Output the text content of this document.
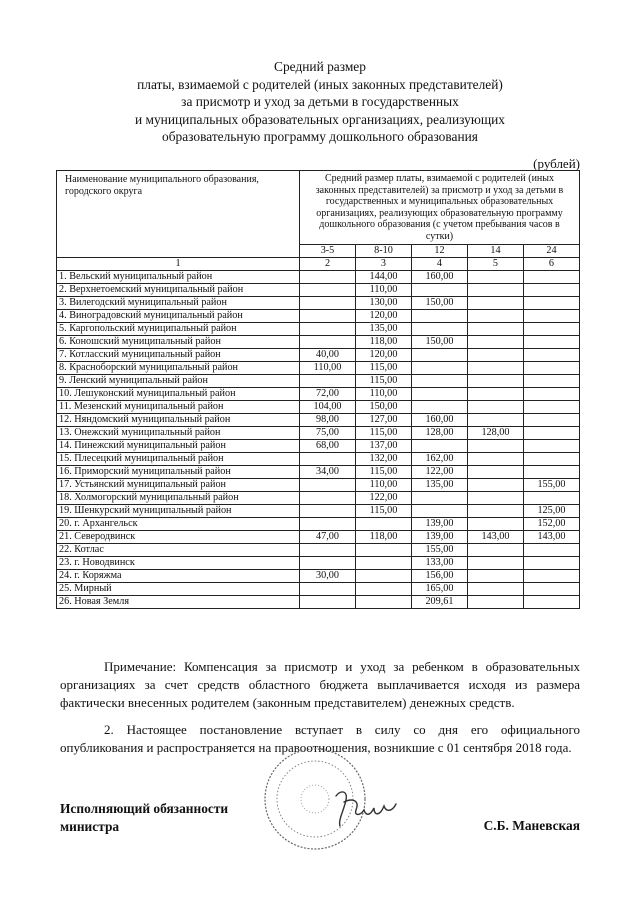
Средний размер
платы, взимаемой с родителей (иных законных представителей)
за присмотр и уход за детьми в государственных
и муниципальных образовательных организациях, реализующих
образовательную программу дошкольного образования
(рублей)
Наименование муниципального образования, городского округа	Средний размер платы, взимаемой с родителей (иных законных представителей) за присмотр и уход за детьми в государственных и муниципальных образовательных организациях, реализующих образовательную программу дошкольного образования (с учетом пребывания часов в сутки)				
	3-5	8-10	12	14	24
1	2	3	4	5	6
1. Вельский муниципальный район		144,00	160,00		
2. Верхнетоемский муниципальный район		110,00			
3. Вилегодский муниципальный район		130,00	150,00		
4. Виноградовский муниципальный район		120,00			
5. Каргопольский муниципальный район		135,00			
6. Коношский муниципальный район		118,00	150,00		
7. Котласский муниципальный район	40,00	120,00			
8. Красноборский муниципальный район	110,00	115,00			
9. Ленский муниципальный район		115,00			
10. Лешуконский муниципальный район	72,00	110,00			
11. Мезенский муниципальный район	104,00	150,00			
12. Няндомский муниципальный район	98,00	127,00	160,00		
13. Онежский муниципальный район	75,00	115,00	128,00	128,00	
14. Пинежский муниципальный район	68,00	137,00			
15. Плесецкий муниципальный район		132,00	162,00		
16. Приморский муниципальный район	34,00	115,00	122,00		
17. Устьянский муниципальный район		110,00	135,00		155,00
18. Холмогорский муниципальный район		122,00			
19. Шенкурский муниципальный район		115,00			125,00
20. г. Архангельск			139,00		152,00
21. Северодвинск	47,00	118,00	139,00	143,00	143,00
22. Котлас			155,00		
23. г. Новодвинск			133,00		
24. г. Коряжма	30,00		156,00		
25. Мирный			165,00		
26. Новая Земля			209,61		

Примечание: Компенсация за присмотр и уход за ребенком в образовательных организациях за счет средств областного бюджета выплачивается исходя из размера фактически внесенных родителем (законным представителем) денежных средств.

2. Настоящее постановление вступает в силу со дня его официального опубликования и распространяется на правоотношения, возникшие с 01 сентября 2018 года.

Исполняющий обязанности
министра	С.Б. Маневская
